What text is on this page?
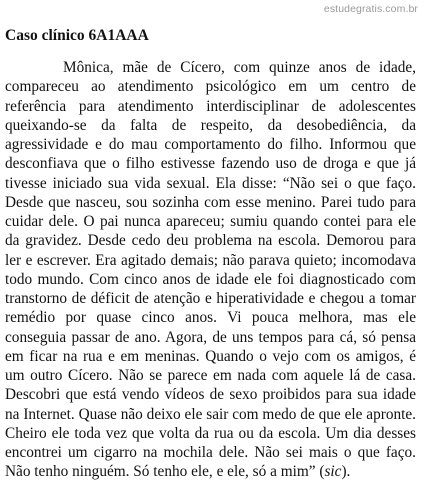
estudegratis.com.br
Caso clínico 6A1AAA

Mônica, mãe de Cícero, com quinze anos de idade, compareceu ao atendimento psicológico em um centro de referência para atendimento interdisciplinar de adolescentes queixando-se da falta de respeito, da desobediência, da agressividade e do mau comportamento do filho. Informou que desconfiava que o filho estivesse fazendo uso de droga e que já tivesse iniciado sua vida sexual. Ela disse: “Não sei o que faço. Desde que nasceu, sou sozinha com esse menino. Parei tudo para cuidar dele. O pai nunca apareceu; sumiu quando contei para ele da gravidez. Desde cedo deu problema na escola. Demorou para ler e escrever. Era agitado demais; não parava quieto; incomodava todo mundo. Com cinco anos de idade ele foi diagnosticado com transtorno de déficit de atenção e hiperatividade e chegou a tomar remédio por quase cinco anos. Vi pouca melhora, mas ele conseguia passar de ano. Agora, de uns tempos para cá, só pensa em ficar na rua e em meninas. Quando o vejo com os amigos, é um outro Cícero. Não se parece em nada com aquele lá de casa. Descobri que está vendo vídeos de sexo proibidos para sua idade na Internet. Quase não deixo ele sair com medo de que ele apronte. Cheiro ele toda vez que volta da rua ou da escola. Um dia desses encontrei um cigarro na mochila dele. Não sei mais o que faço. Não tenho ninguém. Só tenho ele, e ele, só a mim” (sic).
